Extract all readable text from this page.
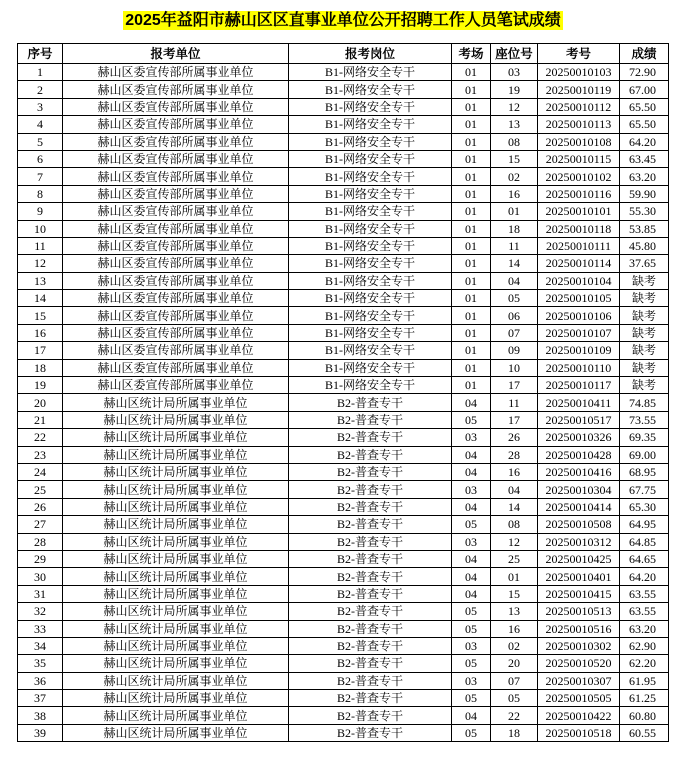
2025年益阳市赫山区区直事业单位公开招聘工作人员笔试成绩
序号	报考单位	报考岗位	考场	座位号	考号	成绩
1	赫山区委宣传部所属事业单位	B1-网络安全专干	01	03	20250010103	72.90
2	赫山区委宣传部所属事业单位	B1-网络安全专干	01	19	20250010119	67.00
3	赫山区委宣传部所属事业单位	B1-网络安全专干	01	12	20250010112	65.50
4	赫山区委宣传部所属事业单位	B1-网络安全专干	01	13	20250010113	65.50
5	赫山区委宣传部所属事业单位	B1-网络安全专干	01	08	20250010108	64.20
6	赫山区委宣传部所属事业单位	B1-网络安全专干	01	15	20250010115	63.45
7	赫山区委宣传部所属事业单位	B1-网络安全专干	01	02	20250010102	63.20
8	赫山区委宣传部所属事业单位	B1-网络安全专干	01	16	20250010116	59.90
9	赫山区委宣传部所属事业单位	B1-网络安全专干	01	01	20250010101	55.30
10	赫山区委宣传部所属事业单位	B1-网络安全专干	01	18	20250010118	53.85
11	赫山区委宣传部所属事业单位	B1-网络安全专干	01	11	20250010111	45.80
12	赫山区委宣传部所属事业单位	B1-网络安全专干	01	14	20250010114	37.65
13	赫山区委宣传部所属事业单位	B1-网络安全专干	01	04	20250010104	缺考
14	赫山区委宣传部所属事业单位	B1-网络安全专干	01	05	20250010105	缺考
15	赫山区委宣传部所属事业单位	B1-网络安全专干	01	06	20250010106	缺考
16	赫山区委宣传部所属事业单位	B1-网络安全专干	01	07	20250010107	缺考
17	赫山区委宣传部所属事业单位	B1-网络安全专干	01	09	20250010109	缺考
18	赫山区委宣传部所属事业单位	B1-网络安全专干	01	10	20250010110	缺考
19	赫山区委宣传部所属事业单位	B1-网络安全专干	01	17	20250010117	缺考
20	赫山区统计局所属事业单位	B2-普查专干	04	11	20250010411	74.85
21	赫山区统计局所属事业单位	B2-普查专干	05	17	20250010517	73.55
22	赫山区统计局所属事业单位	B2-普查专干	03	26	20250010326	69.35
23	赫山区统计局所属事业单位	B2-普查专干	04	28	20250010428	69.00
24	赫山区统计局所属事业单位	B2-普查专干	04	16	20250010416	68.95
25	赫山区统计局所属事业单位	B2-普查专干	03	04	20250010304	67.75
26	赫山区统计局所属事业单位	B2-普查专干	04	14	20250010414	65.30
27	赫山区统计局所属事业单位	B2-普查专干	05	08	20250010508	64.95
28	赫山区统计局所属事业单位	B2-普查专干	03	12	20250010312	64.85
29	赫山区统计局所属事业单位	B2-普查专干	04	25	20250010425	64.65
30	赫山区统计局所属事业单位	B2-普查专干	04	01	20250010401	64.20
31	赫山区统计局所属事业单位	B2-普查专干	04	15	20250010415	63.55
32	赫山区统计局所属事业单位	B2-普查专干	05	13	20250010513	63.55
33	赫山区统计局所属事业单位	B2-普查专干	05	16	20250010516	63.20
34	赫山区统计局所属事业单位	B2-普查专干	03	02	20250010302	62.90
35	赫山区统计局所属事业单位	B2-普查专干	05	20	20250010520	62.20
36	赫山区统计局所属事业单位	B2-普查专干	03	07	20250010307	61.95
37	赫山区统计局所属事业单位	B2-普查专干	05	05	20250010505	61.25
38	赫山区统计局所属事业单位	B2-普查专干	04	22	20250010422	60.80
39	赫山区统计局所属事业单位	B2-普查专干	05	18	20250010518	60.55
